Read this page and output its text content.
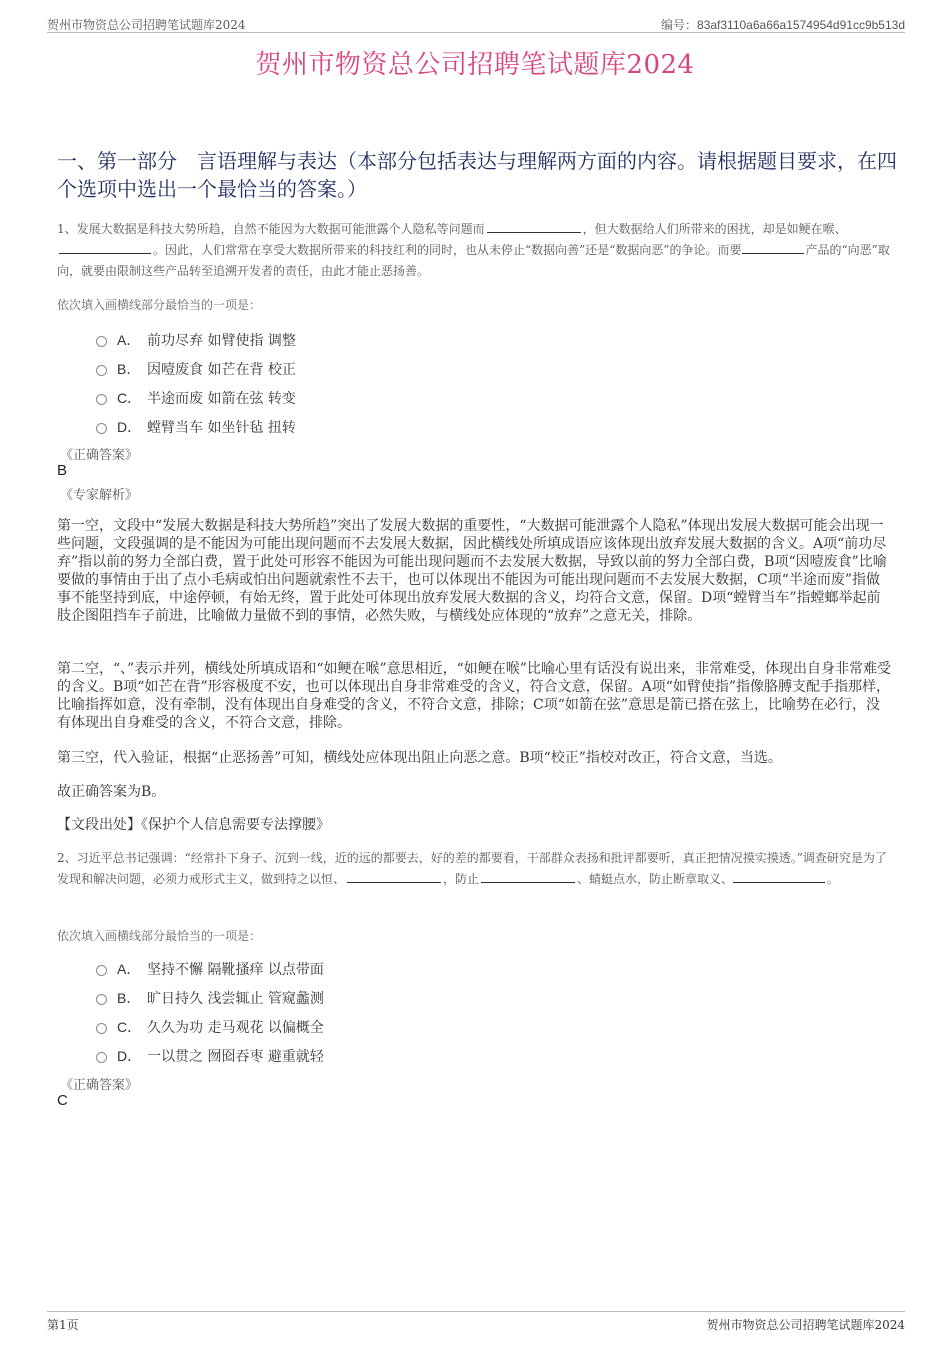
贺州市物资总公司招聘笔试题库2024	编号：83af3110a6a66a1574954d91cc9b513d
贺州市物资总公司招聘笔试题库2024
一、第一部分　言语理解与表达（本部分包括表达与理解两方面的内容。请根据题目要求，在四个选项中选出一个最恰当的答案。）
1、发展大数据是科技大势所趋，自然不能因为大数据可能泄露个人隐私等问题而	，但大数据给人们所带来的困扰，却是如鲠在喉、。因此，人们常常在享受大数据所带来的科技红利的同时，也从未停止“数据向善”还是“数据向恶”的争论。而要	产品的“向恶”取向，就要由限制这些产品转至追溯开发者的责任，由此才能止恶扬善。
依次填入画横线部分最恰当的一项是：
A． 前功尽弃 如臂使指 调整
B． 因噎废食 如芒在背 校正
C． 半途而废 如箭在弦 转变
D． 螳臂当车 如坐针毡 扭转
《正确答案》
B
《专家解析》

第一空，文段中“发展大数据是科技大势所趋”突出了发展大数据的重要性，“大数据可能泄露个人隐私”体现出发展大数据可能会出现一些问题，文段强调的是不能因为可能出现问题而不去发展大数据，因此横线处所填成语应该体现出放弃发展大数据的含义。A项“前功尽弃”指以前的努力全部白费，置于此处可形容不能因为可能出现问题而不去发展大数据，导致以前的努力全部白费，B项“因噎废食”比喻要做的事情由于出了点小毛病或怕出问题就索性不去干，也可以体现出不能因为可能出现问题而不去发展大数据，C项“半途而废”指做事不能坚持到底，中途停顿，有始无终，置于此处可体现出放弃发展大数据的含义，均符合文意，保留。D项“螳臂当车”指螳螂举起前肢企图阻挡车子前进，比喻做力量做不到的事情，必然失败，与横线处应体现的“放弃”之意无关，排除。

第二空，“、”表示并列，横线处所填成语和“如鲠在喉”意思相近，“如鲠在喉”比喻心里有话没有说出来，非常难受，体现出自身非常难受的含义。B项“如芒在背”形容极度不安，也可以体现出自身非常难受的含义，符合文意，保留。A项“如臂使指”指像胳膊支配手指那样，比喻指挥如意，没有牵制，没有体现出自身难受的含义，不符合文意，排除；C项“如箭在弦”意思是箭已搭在弦上，比喻势在必行，没有体现出自身难受的含义，不符合文意，排除。

第三空，代入验证，根据“止恶扬善”可知，横线处应体现出阻止向恶之意。B项“校正”指校对改正，符合文意，当选。

故正确答案为B。

【文段出处】《保护个人信息需要专法撑腰》

2、习近平总书记强调：“经常扑下身子、沉到一线，近的远的都要去，好的差的都要看，干部群众表扬和批评都要听，真正把情况摸实摸透。”调查研究是为了发现和解决问题，必须力戒形式主义，做到持之以恒、	，防止	、蜻蜓点水，防止断章取义、	。
依次填入画横线部分最恰当的一项是：
A． 坚持不懈 隔靴搔痒 以点带面
B． 旷日持久 浅尝辄止 管窥蠡测
C． 久久为功 走马观花 以偏概全
D． 一以贯之 囫囵吞枣 避重就轻
《正确答案》
C
第1页	贺州市物资总公司招聘笔试题库2024
